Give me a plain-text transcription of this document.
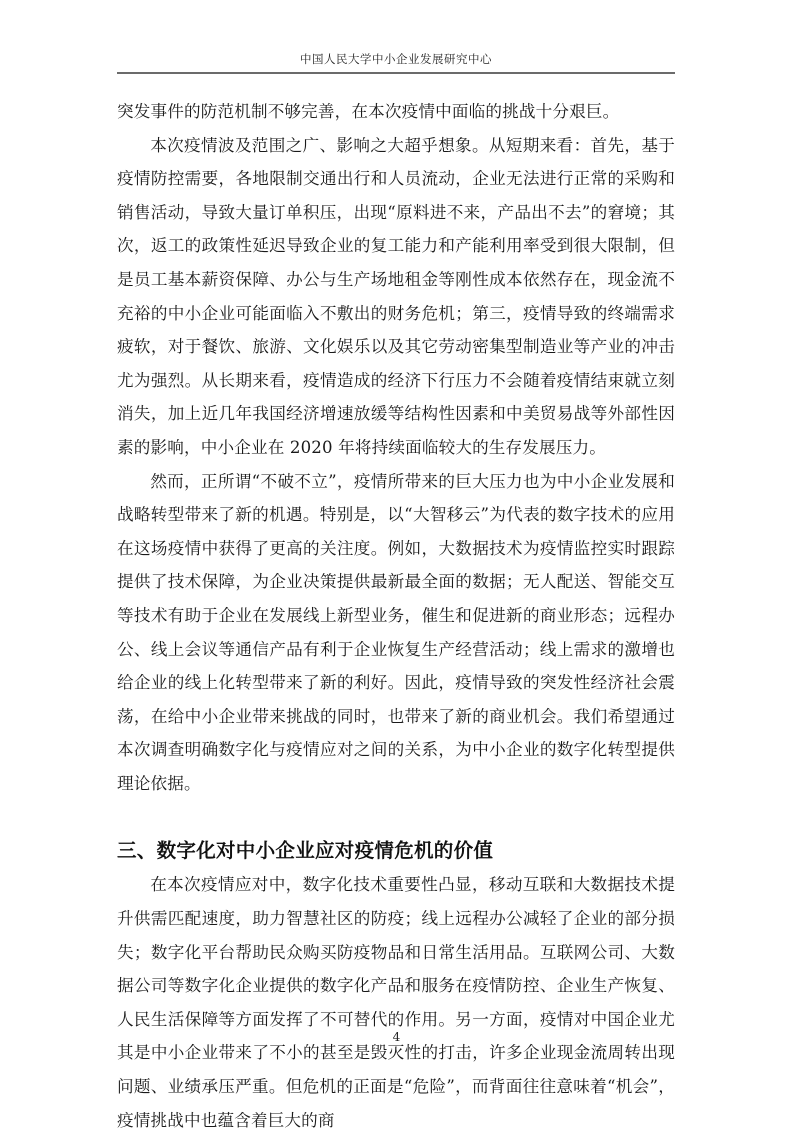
中国人民大学中小企业发展研究中心

突发事件的防范机制不够完善，在本次疫情中面临的挑战十分艰巨。

本次疫情波及范围之广、影响之大超乎想象。从短期来看：首先，基于疫情防控需要，各地限制交通出行和人员流动，企业无法进行正常的采购和销售活动，导致大量订单积压，出现“原料进不来，产品出不去”的窘境；其次，返工的政策性延迟导致企业的复工能力和产能利用率受到很大限制，但是员工基本薪资保障、办公与生产场地租金等刚性成本依然存在，现金流不充裕的中小企业可能面临入不敷出的财务危机；第三，疫情导致的终端需求疲软，对于餐饮、旅游、文化娱乐以及其它劳动密集型制造业等产业的冲击尤为强烈。从长期来看，疫情造成的经济下行压力不会随着疫情结束就立刻消失，加上近几年我国经济增速放缓等结构性因素和中美贸易战等外部性因素的影响，中小企业在 2020 年将持续面临较大的生存发展压力。

然而，正所谓“不破不立”，疫情所带来的巨大压力也为中小企业发展和战略转型带来了新的机遇。特别是，以“大智移云”为代表的数字技术的应用在这场疫情中获得了更高的关注度。例如，大数据技术为疫情监控实时跟踪提供了技术保障，为企业决策提供最新最全面的数据；无人配送、智能交互等技术有助于企业在发展线上新型业务，催生和促进新的商业形态；远程办公、线上会议等通信产品有利于企业恢复生产经营活动；线上需求的激增也给企业的线上化转型带来了新的利好。因此，疫情导致的突发性经济社会震荡，在给中小企业带来挑战的同时，也带来了新的商业机会。我们希望通过本次调查明确数字化与疫情应对之间的关系，为中小企业的数字化转型提供理论依据。

三、数字化对中小企业应对疫情危机的价值

在本次疫情应对中，数字化技术重要性凸显，移动互联和大数据技术提升供需匹配速度，助力智慧社区的防疫；线上远程办公减轻了企业的部分损失；数字化平台帮助民众购买防疫物品和日常生活用品。互联网公司、大数据公司等数字化企业提供的数字化产品和服务在疫情防控、企业生产恢复、人民生活保障等方面发挥了不可替代的作用。另一方面，疫情对中国企业尤其是中小企业带来了不小的甚至是毁灭性的打击，许多企业现金流周转出现问题、业绩承压严重。但危机的正面是“危险”，而背面往往意味着“机会”，疫情挑战中也蕴含着巨大的商

4
